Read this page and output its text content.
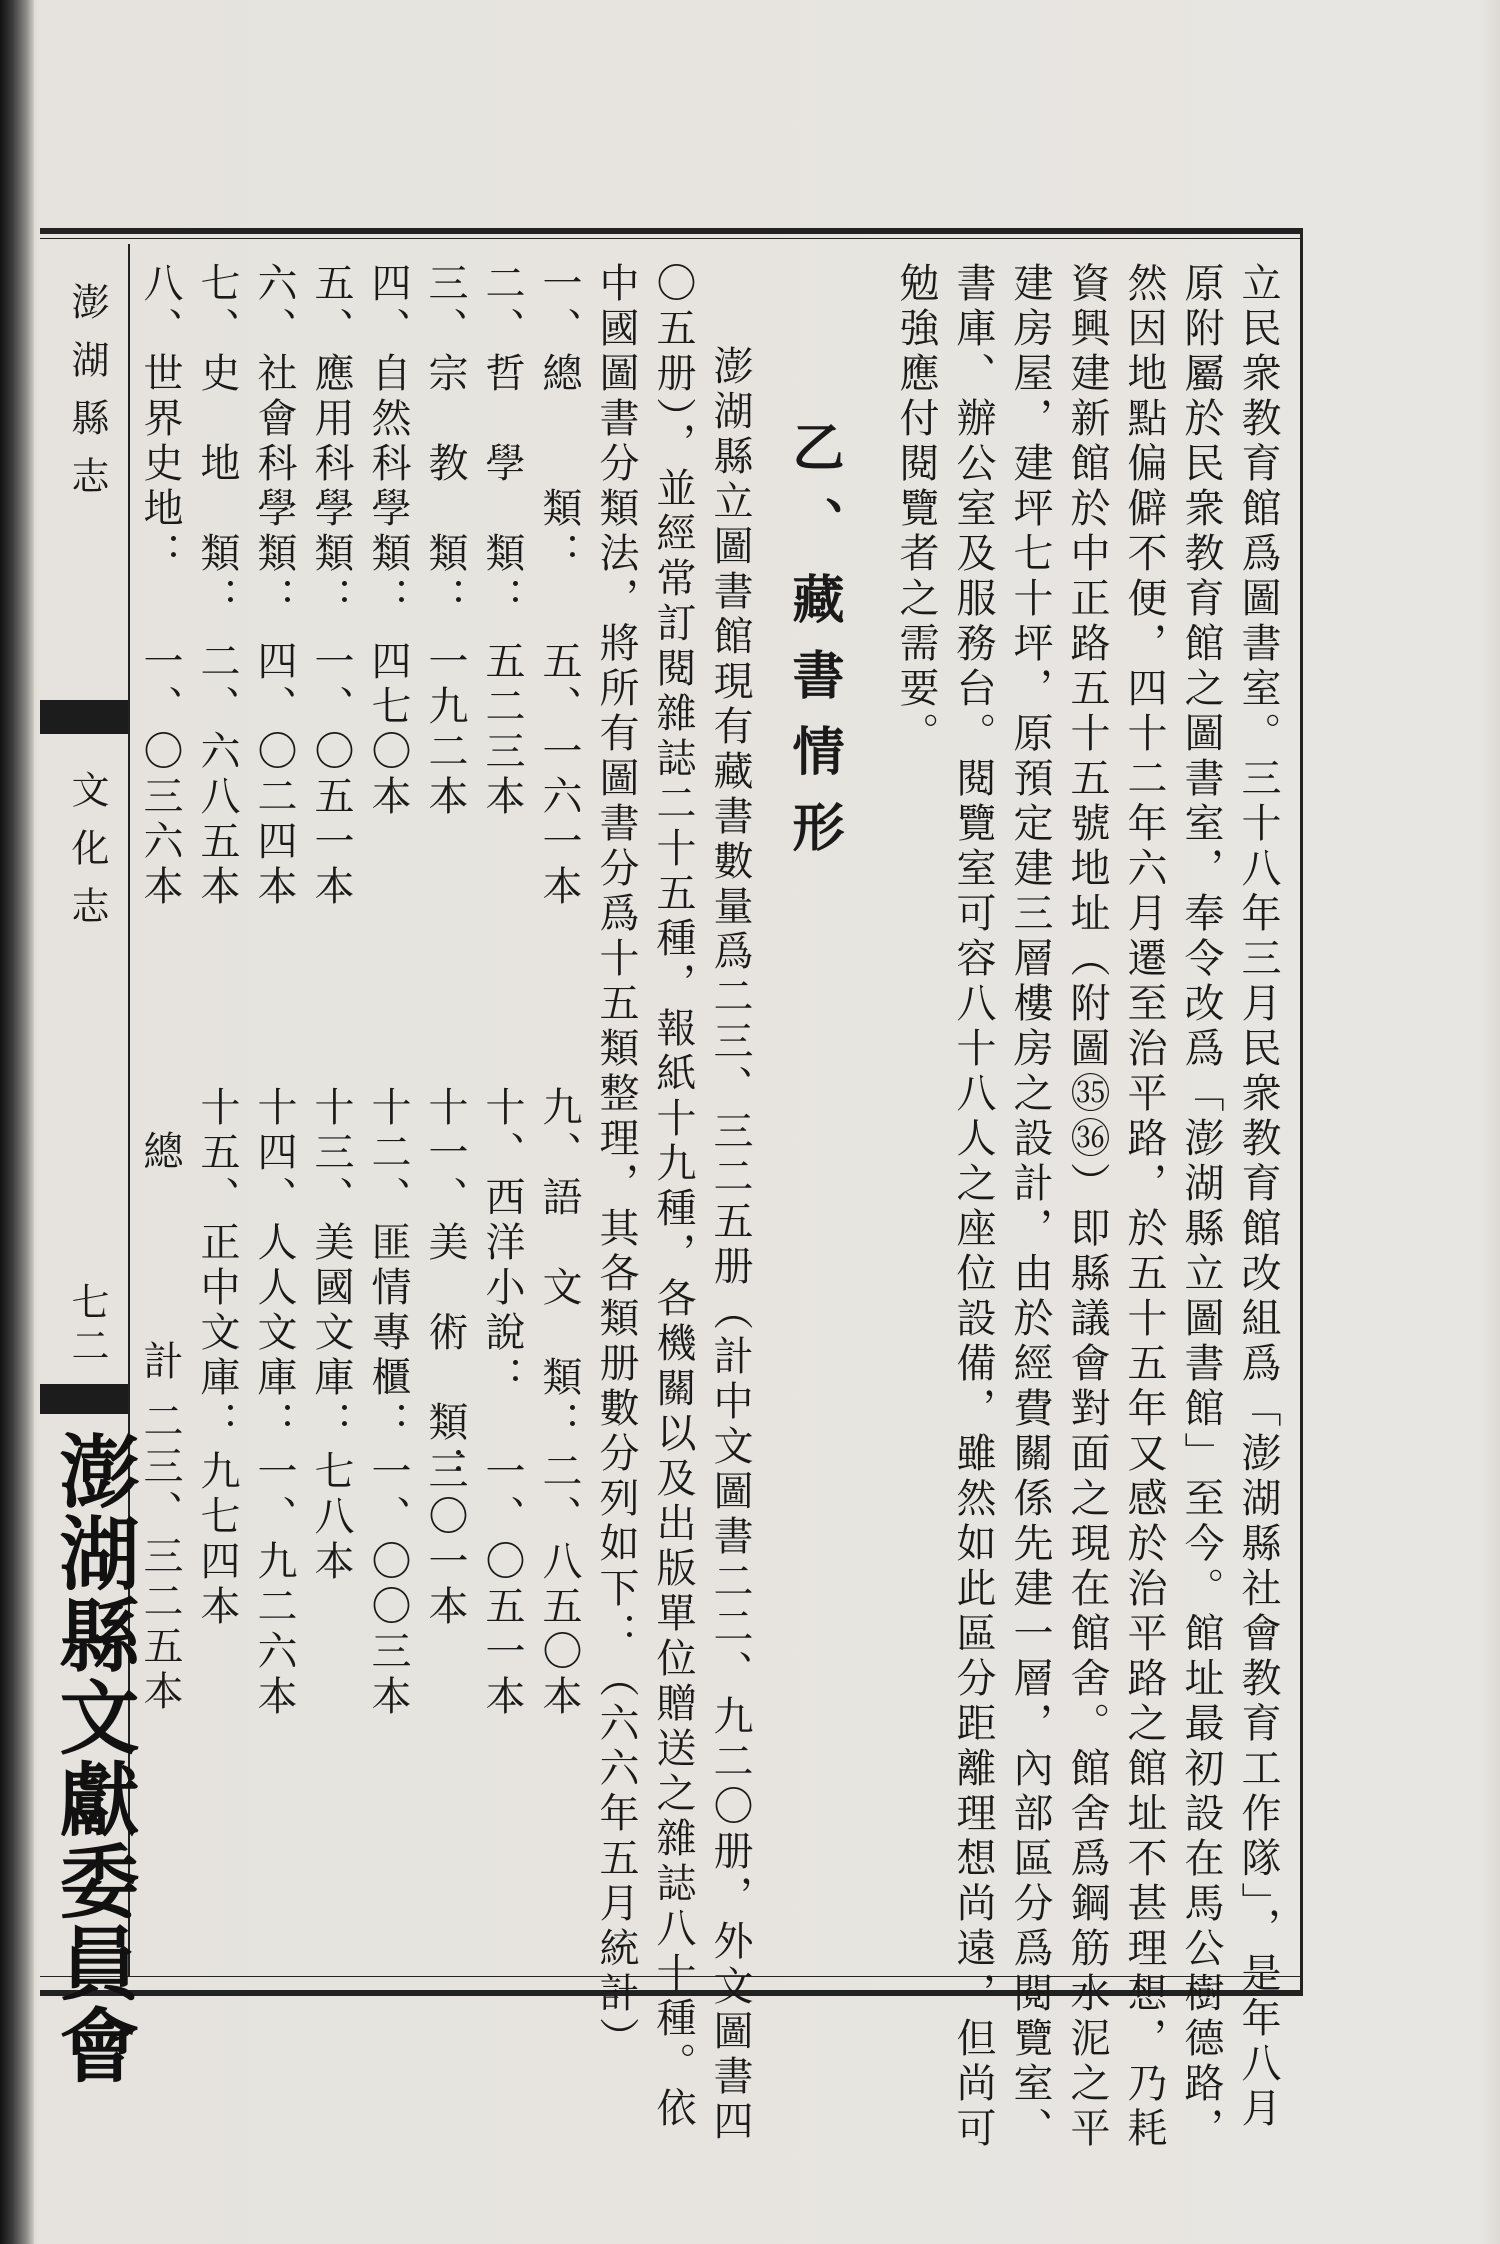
澎湖縣志
文化志
七二
澎湖縣文獻委員會	立民衆教育館爲圖書室。三十八年三月民衆教育館改組爲「澎湖縣社會教育工作隊」，是年八月
原附屬於民衆教育館之圖書室，奉令改爲「澎湖縣立圖書館」至今。館址最初設在馬公樹德路，
然因地點偏僻不便，四十二年六月遷至治平路，於五十五年又感於治平路之館址不甚理想，乃耗
資興建新館於中正路五十五號地址（附圖㉟㊱）即縣議會對面之現在館舍。館舍爲鋼筋水泥之平
建房屋，建坪七十坪，原預定建三層樓房之設計，由於經費關係先建一層，內部區分爲閱覽室、
書庫、辦公室及服務台。閱覽室可容八十八人之座位設備，雖然如此區分距離理想尚遠，但尚可
勉強應付閱覽者之需要。
乙、藏書情形
澎湖縣立圖書館現有藏書數量爲二三、三二五册（計中文圖書二二、九二〇册，外文圖書四
〇五册），並經常訂閱雜誌二十五種，報紙十九種，各機關以及出版單位贈送之雜誌八十種。依
中國圖書分類法，將所有圖書分爲十五類整理，其各類册數分列如下：（六六年五月統計）
一、總　　類：
五、一六一本
二、哲　學　類：
五二三本
三、宗　教　類：
一九二本
四、自然科學類：
四七〇本
五、應用科學類：
一、〇五一本
六、社會科學類：
四、〇二四本
七、史　地　類：
二、六八五本
八、世界史地：
一、〇三六本
九、語　文　類：
二、八五〇本
十、西洋小說：
一、〇五一本
十一、美　術　類：
三〇一本
十二、匪情專櫃：
一、〇〇三本
十三、美國文庫：
七八本
十四、人人文庫：
一、九二六本
十五、正中文庫：
九七四本
總　　計
二三、三二五本
